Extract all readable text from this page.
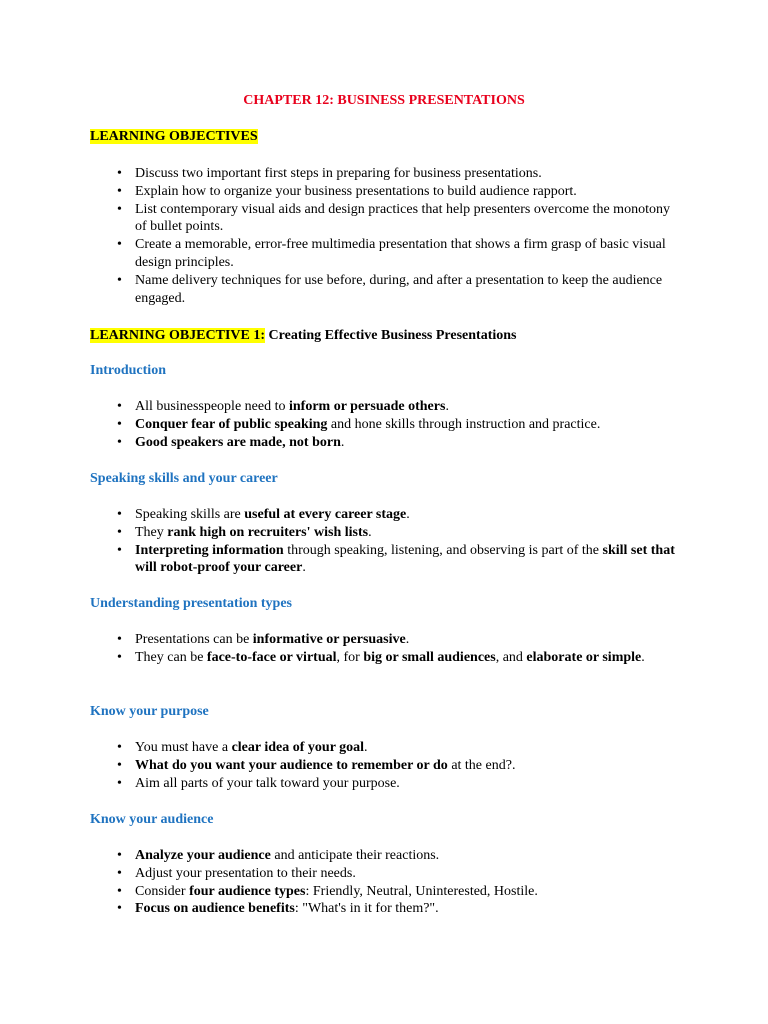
CHAPTER 12: BUSINESS PRESENTATIONS
LEARNING OBJECTIVES
• Discuss two important first steps in preparing for business presentations.
• Explain how to organize your business presentations to build audience rapport.
• List contemporary visual aids and design practices that help presenters overcome the monotony of bullet points.
• Create a memorable, error-free multimedia presentation that shows a firm grasp of basic visual design principles.
• Name delivery techniques for use before, during, and after a presentation to keep the audience engaged.
LEARNING OBJECTIVE 1: Creating Effective Business Presentations
Introduction
• All businesspeople need to inform or persuade others.
• Conquer fear of public speaking and hone skills through instruction and practice.
• Good speakers are made, not born.
Speaking skills and your career
• Speaking skills are useful at every career stage.
• They rank high on recruiters' wish lists.
• Interpreting information through speaking, listening, and observing is part of the skill set that will robot-proof your career.
Understanding presentation types
• Presentations can be informative or persuasive.
• They can be face-to-face or virtual, for big or small audiences, and elaborate or simple.
Know your purpose
• You must have a clear idea of your goal.
• What do you want your audience to remember or do at the end?.
• Aim all parts of your talk toward your purpose.
Know your audience
• Analyze your audience and anticipate their reactions.
• Adjust your presentation to their needs.
• Consider four audience types: Friendly, Neutral, Uninterested, Hostile.
• Focus on audience benefits: "What's in it for them?".
